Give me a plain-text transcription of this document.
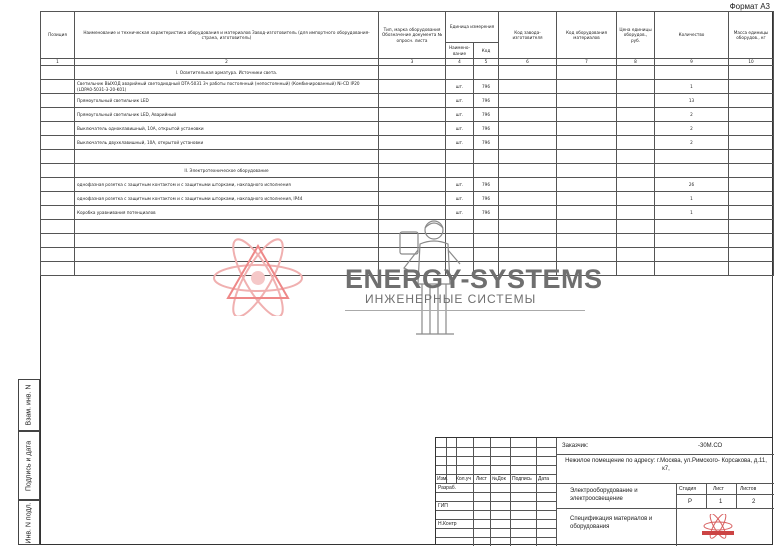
Формат А3
Позиция	Наименование и техническая характеристика оборудования и материалов Завод-изготовитель (для импортного оборудования-страна, изготовитель)	Тип, марка оборудования Обозначение документа № опросн. листа	Единица измерения		Код завода-изготовителя	Код оборудования материалов	Цена единицы оборудов., руб.	Количество	Масса единицы оборудов., кг
			Наимено-вание	Код					
1	2	3	4	5	6	7	8	9	10
	I. Осветительная арматура. Источники света.								
	Светильник ВЫХОД аварийный светодиодный DTA-5031 3ч работы постоянный (непостоянный) (Комбинированный) Ni-CD IP20 (LDPA0-5031-3-20-K01)		шт.	796				1	
	Прямоугольный светильник LED		шт.	796				13	
	Прямоугольный светильник LED, Аварийный		шт.	796				2	
	Выключатель одноклавишный, 10А, открытой установки		шт.	796				2	
	Выключатель двухклавишный, 10А, открытой установки		шт.	796				2	

	II. Электротехническое оборудование								
	однофазная розетка с защитным контактом и с защитными шторками, накладного исполнения		шт.	796				26	
	однофазная розетка с защитным контактом и с защитными шторками, накладного исполнения, IP44		шт.	796				1	
	Коробка уравнивания потенциалов		шт.	796				1	

Взам. инв. N
Подпись и дата
Инв. N подл.
ENERGY-SYSTEMS
ИНЖЕНЕРНЫЕ СИСТЕМЫ
Изм. Кол.уч Лист №Док Подпись Дата
Разраб.
ГИП
Н.Контр
Заказчик:	-30М.СО
Нежилое помещение по адресу: г.Москва, ул.Римского- Корсакова, д.11, к7,
Электрооборудование и электроосвещение
Стадия	Лист	Листов
Р	1	2
Спецификация материалов и оборудования
